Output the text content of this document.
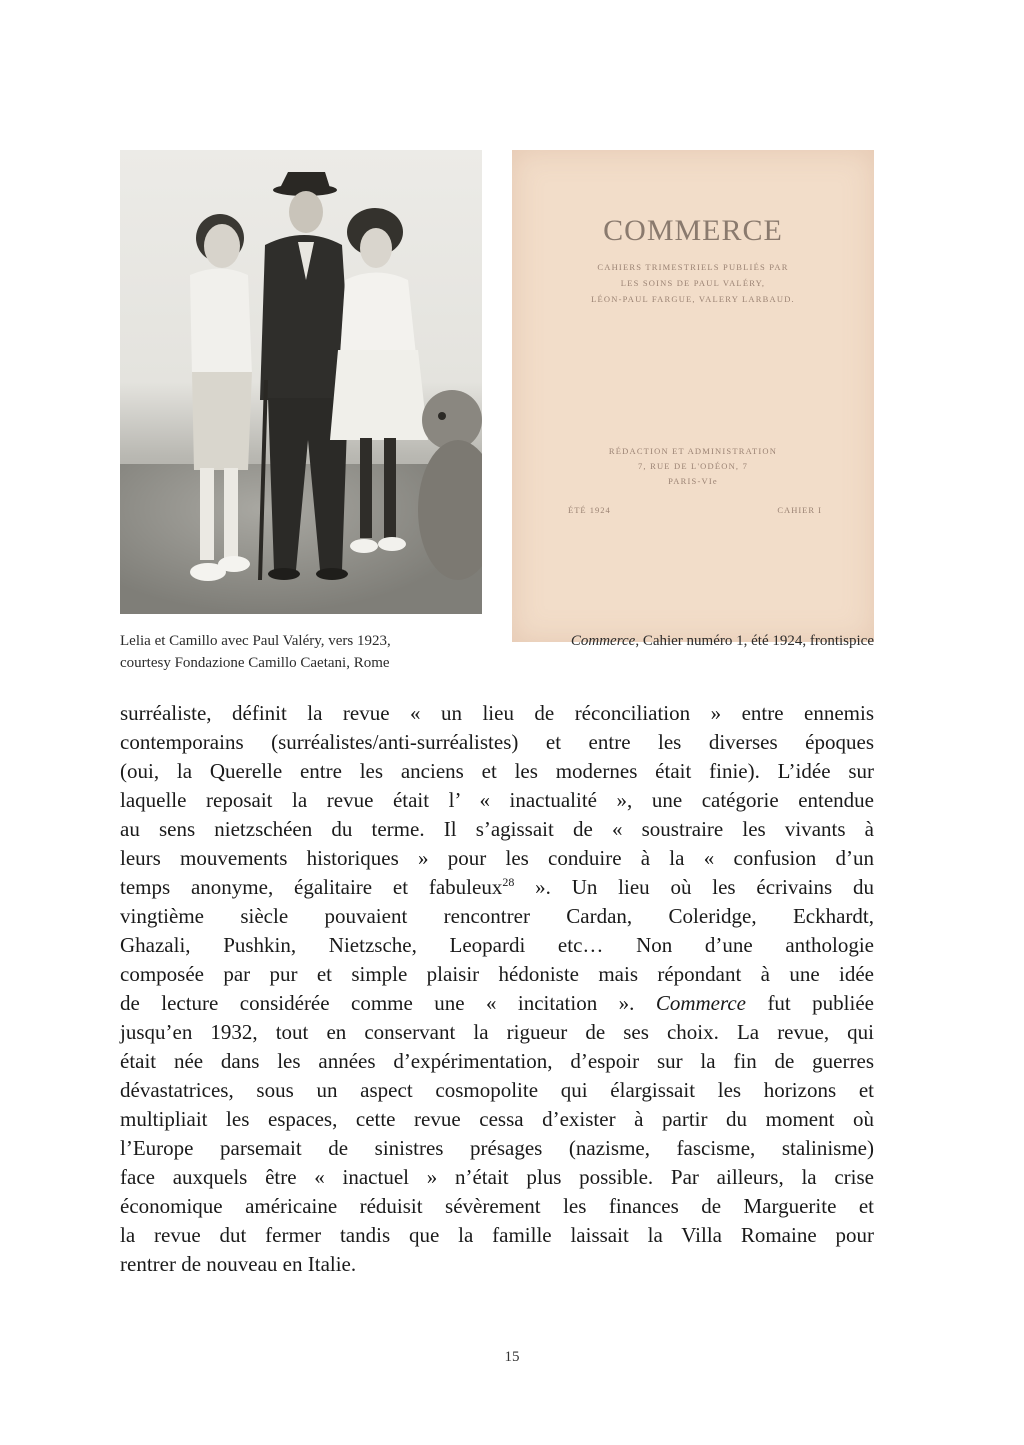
COMMERCE
CAHIERS TRIMESTRIELS PUBLIÉS PAR
LES SOINS DE PAUL VALÉRY,
LÉON-PAUL FARGUE, VALERY LARBAUD.
RÉDACTION ET ADMINISTRATION
7, RUE DE L'ODÉON, 7
PARIS-VIe
ÉTÉ 1924	CAHIER I
Lelia et Camillo avec Paul Valéry, vers 1923,
courtesy Fondazione Camillo Caetani, Rome
Commerce, Cahier numéro 1, été 1924, frontispice
surréaliste, définit la revue « un lieu de réconciliation » entre ennemis
contemporains (surréalistes/anti-surréalistes) et entre les diverses époques
(oui, la Querelle entre les anciens et les modernes était finie). L’idée sur
laquelle reposait la revue était l’ « inactualité », une catégorie entendue
au sens nietzschéen du terme. Il s’agissait de « soustraire les vivants à
leurs mouvements historiques » pour les conduire à la « confusion d’un
temps anonyme, égalitaire et fabuleux$^{28}$ ». Un lieu où les écrivains du
vingtième siècle pouvaient rencontrer Cardan, Coleridge, Eckhardt,
Ghazali, Pushkin, Nietzsche, Leopardi etc… Non d’une anthologie
composée par pur et simple plaisir hédoniste mais répondant à une idée
de lecture considérée comme une « incitation ». Commerce fut publiée
jusqu’en 1932, tout en conservant la rigueur de ses choix. La revue, qui
était née dans les années d’expérimentation, d’espoir sur la fin de guerres
dévastatrices, sous un aspect cosmopolite qui élargissait les horizons et
multipliait les espaces, cette revue cessa d’exister à partir du moment où
l’Europe parsemait de sinistres présages (nazisme, fascisme, stalinisme)
face auxquels être « inactuel » n’était plus possible. Par ailleurs, la crise
économique américaine réduisit sévèrement les finances de Marguerite et
la revue dut fermer tandis que la famille laissait la Villa Romaine pour
rentrer de nouveau en Italie.
15
